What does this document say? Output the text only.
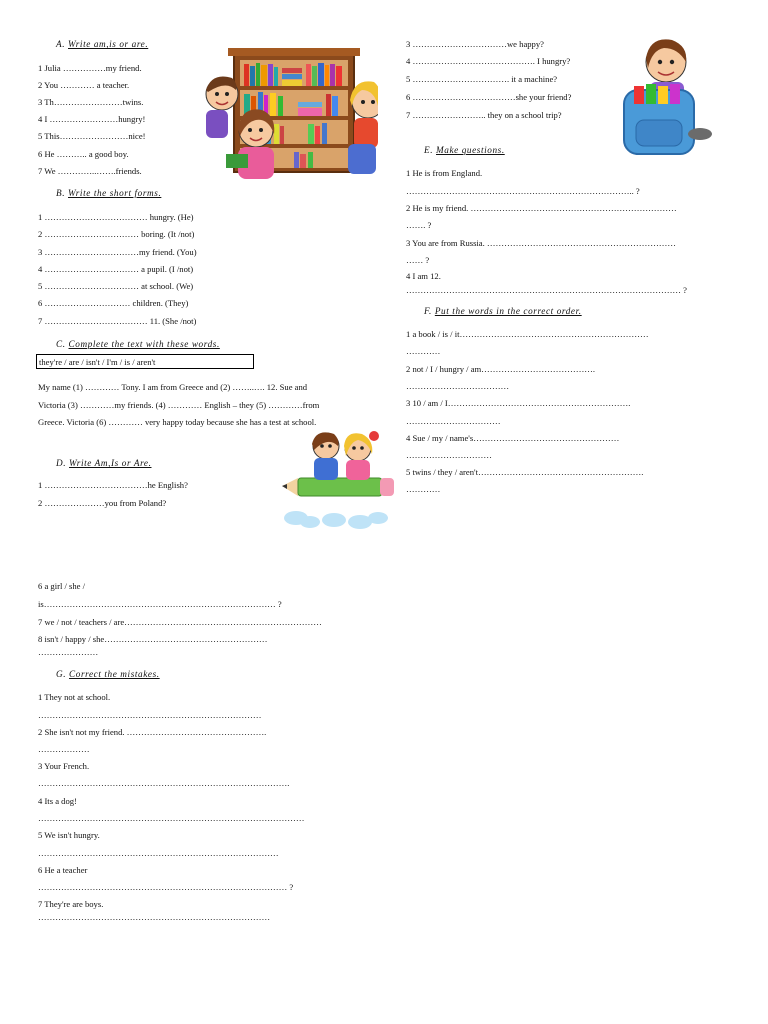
A. Write am,is or are.
1 Julia ……………my friend.
2 You ………… a teacher.
3 Th……………………twins.
4 I ……………………hungry!
5 This……………………nice!
6 He ……….. a good boy.
7 We …………..…….friends.
B. Write the short forms.
1 ……………………………… hungry. (He)
2 …………………………… boring. (It /not)
3 ……………………………my friend. (You)
4 …………………………… a pupil. (I /not)
5 …………………………… at school. (We)
6 ………………………… children. (They)
7 ……………………………… 11. (She /not)
C. Complete the text with these words.
they're / are / isn't / I'm / is / aren't
My name (1) ………… Tony. I am from Greece and (2) ……..…. 12. Sue and
Victoria (3) …………my friends. (4) ………… English – they (5) …………from
Greece. Victoria (6) ………… very happy today because she has a test at school.
D. Write Am,Is or Are.
1 ………………………………he English?
2 …………………you from Poland?
3 ……………………………we happy?
4 ……………………………………. I hungry?
5 ……………………………. it a machine?
6 ………………………………she your friend?
7 …………………….. they on a school trip?
E. Make questions.
1 He is from England.
…………………………………………………………………….. ?
2 He is my friend. ………………………………………………………………
……. ?
3 You are from Russia. …………………………………………………………
…… ?
4 I am 12.
…………………………………………………………………………………… ?
F. Put the words in the correct order.
1 a book / is / it…………………………………………………………
…………
2 not / I / hungry / am………………………………….
………………………………
3 10 / am / I……………………………………………………….
……………………………
4 Sue / my / name's……………………………………………
…………………………
5 twins / they / aren't………………………………………………….
…………
6 a girl / she /
is……………………………………………………………………… ?
7 we / not / teachers / are……………………………………………………………
8 isn't / happy / she…………………………………………………
…………………
G. Correct the mistakes.
1 They not at school.
……………………………………………………………………
2 She isn't not my friend. ………………………………………….
………………
3 Your French.
…………………………………………………………………………….
4 Its a dog!
…………………………………………………………………………………
5 We isn't hungry.
…………………………………………………………………………
6 He a teacher
…………………………………………………………………………… ?
7 They're are boys.
………………………………………………………………………
